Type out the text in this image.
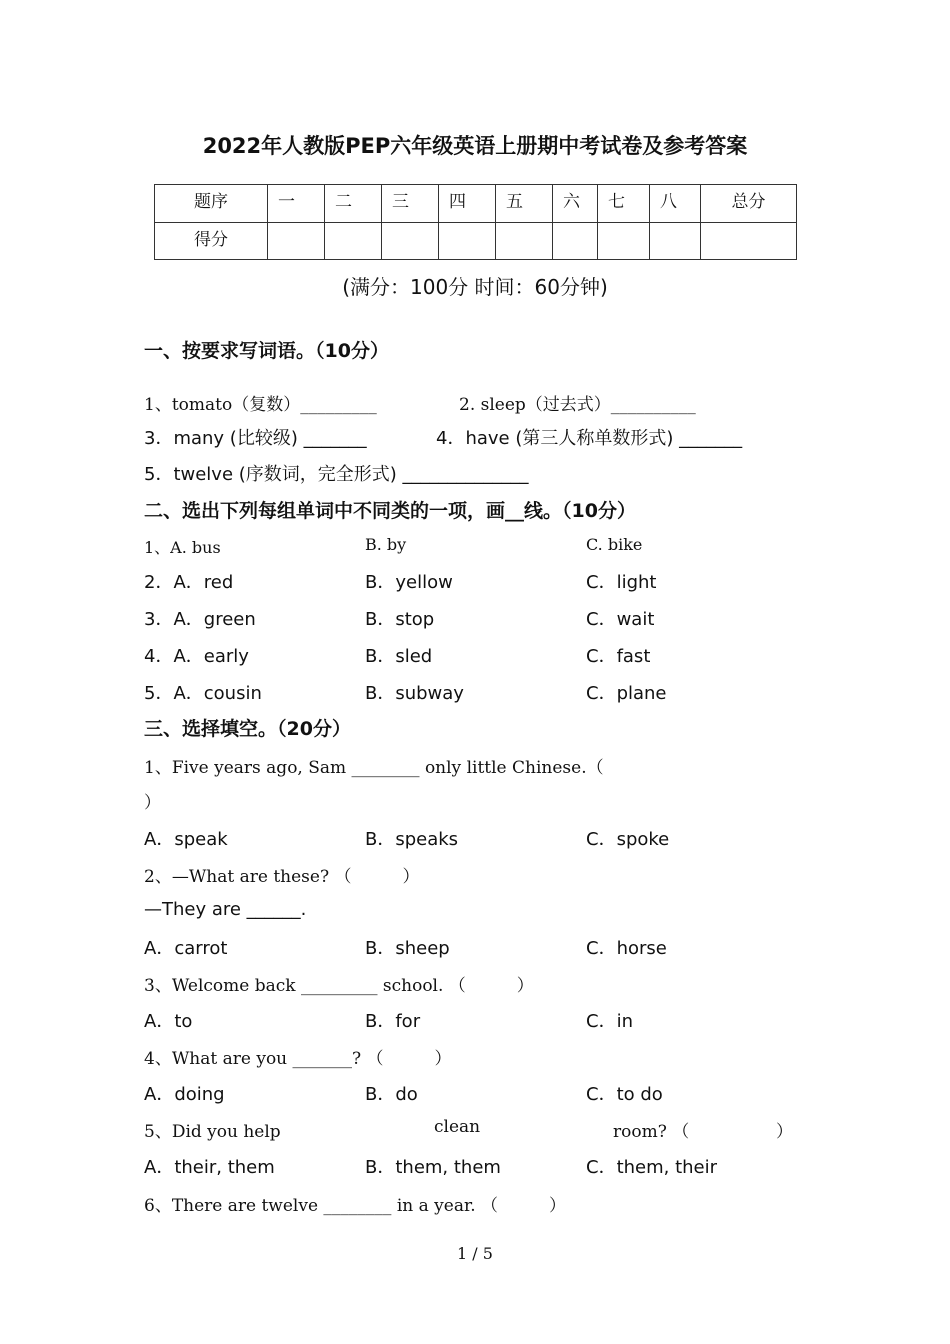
2022年人教版PEP六年级英语上册期中考试卷及参考答案
题序	一	二	三	四	五	六	七	八	总分
得分									
(满分：100分 时间：60分钟)
一、按要求写词语。（10分）
1、tomato（复数）_________	2. sleep（过去式）__________
3．many (比较级) _______	4．have (第三人称单数形式) _______
5．twelve (序数词，完全形式) ______________
二、选出下列每组单词中不同类的一项，画__线。（10分）
1、A. bus	B. by	C. bike
2．A．red	B．yellow	C．light
3．A．green	B．stop	C．wait
4．A．early	B．sled	C．fast
5．A．cousin	B．subway	C．plane
三、选择填空。（20分）
1、Five years ago, Sam ________ only little Chinese.（
）
A．speak	B．speaks	C．spoke
2、—What are these? （　　　）
—They are ______.
A．carrot	B．sheep	C．horse
3、Welcome back _________ school. （　　　）
A．to	B．for	C．in
4、What are you _______? （　　　）
A．doing	B．do	C．to do
5、Did you help	clean	room? （	）
A．their, them	B．them, them	C．them, their
6、There are twelve ________ in a year. （　　　）
1 / 5
